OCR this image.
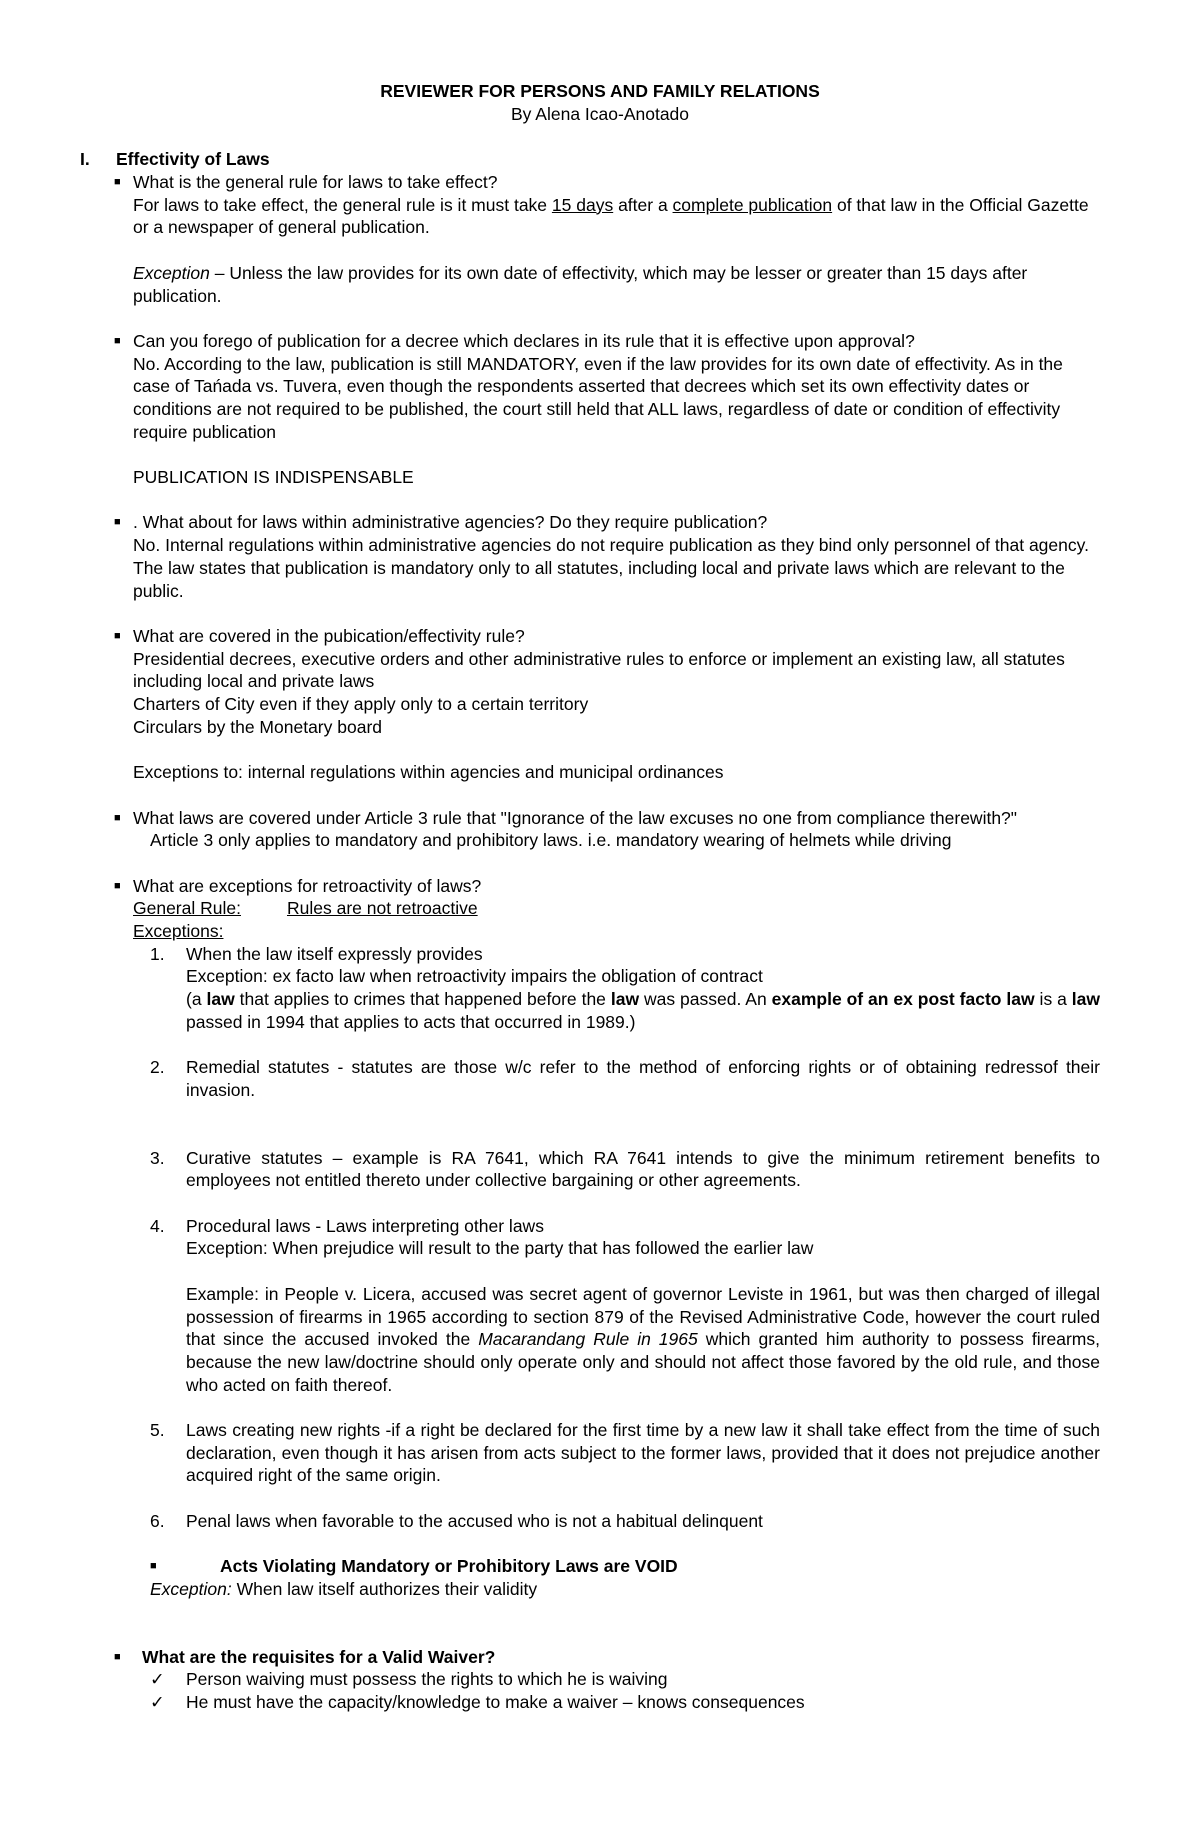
REVIEWER FOR PERSONS AND FAMILY RELATIONS
By Alena Icao-Anotado
I. Effectivity of Laws
■ What is the general rule for laws to take effect?
For laws to take effect, the general rule is it must take 15 days after a complete publication of that law in the Official Gazette or a newspaper of general publication.
Exception – Unless the law provides for its own date of effectivity, which may be lesser or greater than 15 days after publication.
■ Can you forego of publication for a decree which declares in its rule that it is effective upon approval?
No. According to the law, publication is still MANDATORY, even if the law provides for its own date of effectivity. As in the case of Tańada vs. Tuvera, even though the respondents asserted that decrees which set its own effectivity dates or conditions are not required to be published, the court still held that ALL laws, regardless of date or condition of effectivity require publication
PUBLICATION IS INDISPENSABLE
■ . What about for laws within administrative agencies? Do they require publication?
No. Internal regulations within administrative agencies do not require publication as they bind only personnel of that agency. The law states that publication is mandatory only to all statutes, including local and private laws which are relevant to the public.
■ What are covered in the pubication/effectivity rule?
Presidential decrees, executive orders and other administrative rules to enforce or implement an existing law, all statutes including local and private laws
Charters of City even if they apply only to a certain territory
Circulars by the Monetary board
Exceptions to: internal regulations within agencies and municipal ordinances
■ What laws are covered under Article 3 rule that "Ignorance of the law excuses no one from compliance therewith?"
Article 3 only applies to mandatory and prohibitory laws. i.e. mandatory wearing of helmets while driving
■ What are exceptions for retroactivity of laws?
General Rule:	Rules are not retroactive
Exceptions:
1. When the law itself expressly provides
Exception: ex facto law when retroactivity impairs the obligation of contract
(a law that applies to crimes that happened before the law was passed. An example of an ex post facto law is a law passed in 1994 that applies to acts that occurred in 1989.)
2. Remedial statutes - statutes are those w/c refer to the method of enforcing rights or of obtaining redressof their invasion.
3. Curative statutes – example is RA 7641, which RA 7641 intends to give the minimum retirement benefits to employees not entitled thereto under collective bargaining or other agreements.
4. Procedural laws - Laws interpreting other laws
Exception: When prejudice will result to the party that has followed the earlier law
Example: in People v. Licera, accused was secret agent of governor Leviste in 1961, but was then charged of illegal possession of firearms in 1965 according to section 879 of the Revised Administrative Code, however the court ruled that since the accused invoked the Macarandang Rule in 1965 which granted him authority to possess firearms, because the new law/doctrine should only operate only and should not affect those favored by the old rule, and those who acted on faith thereof.
5. Laws creating new rights -if a right be declared for the first time by a new law it shall take effect from the time of such declaration, even though it has arisen from acts subject to the former laws, provided that it does not prejudice another acquired right of the same origin.
6. Penal laws when favorable to the accused who is not a habitual delinquent
■	Acts Violating Mandatory or Prohibitory Laws are VOID
Exception: When law itself authorizes their validity
■ What are the requisites for a Valid Waiver?
✓ Person waiving must possess the rights to which he is waiving
✓ He must have the capacity/knowledge to make a waiver – knows consequences
